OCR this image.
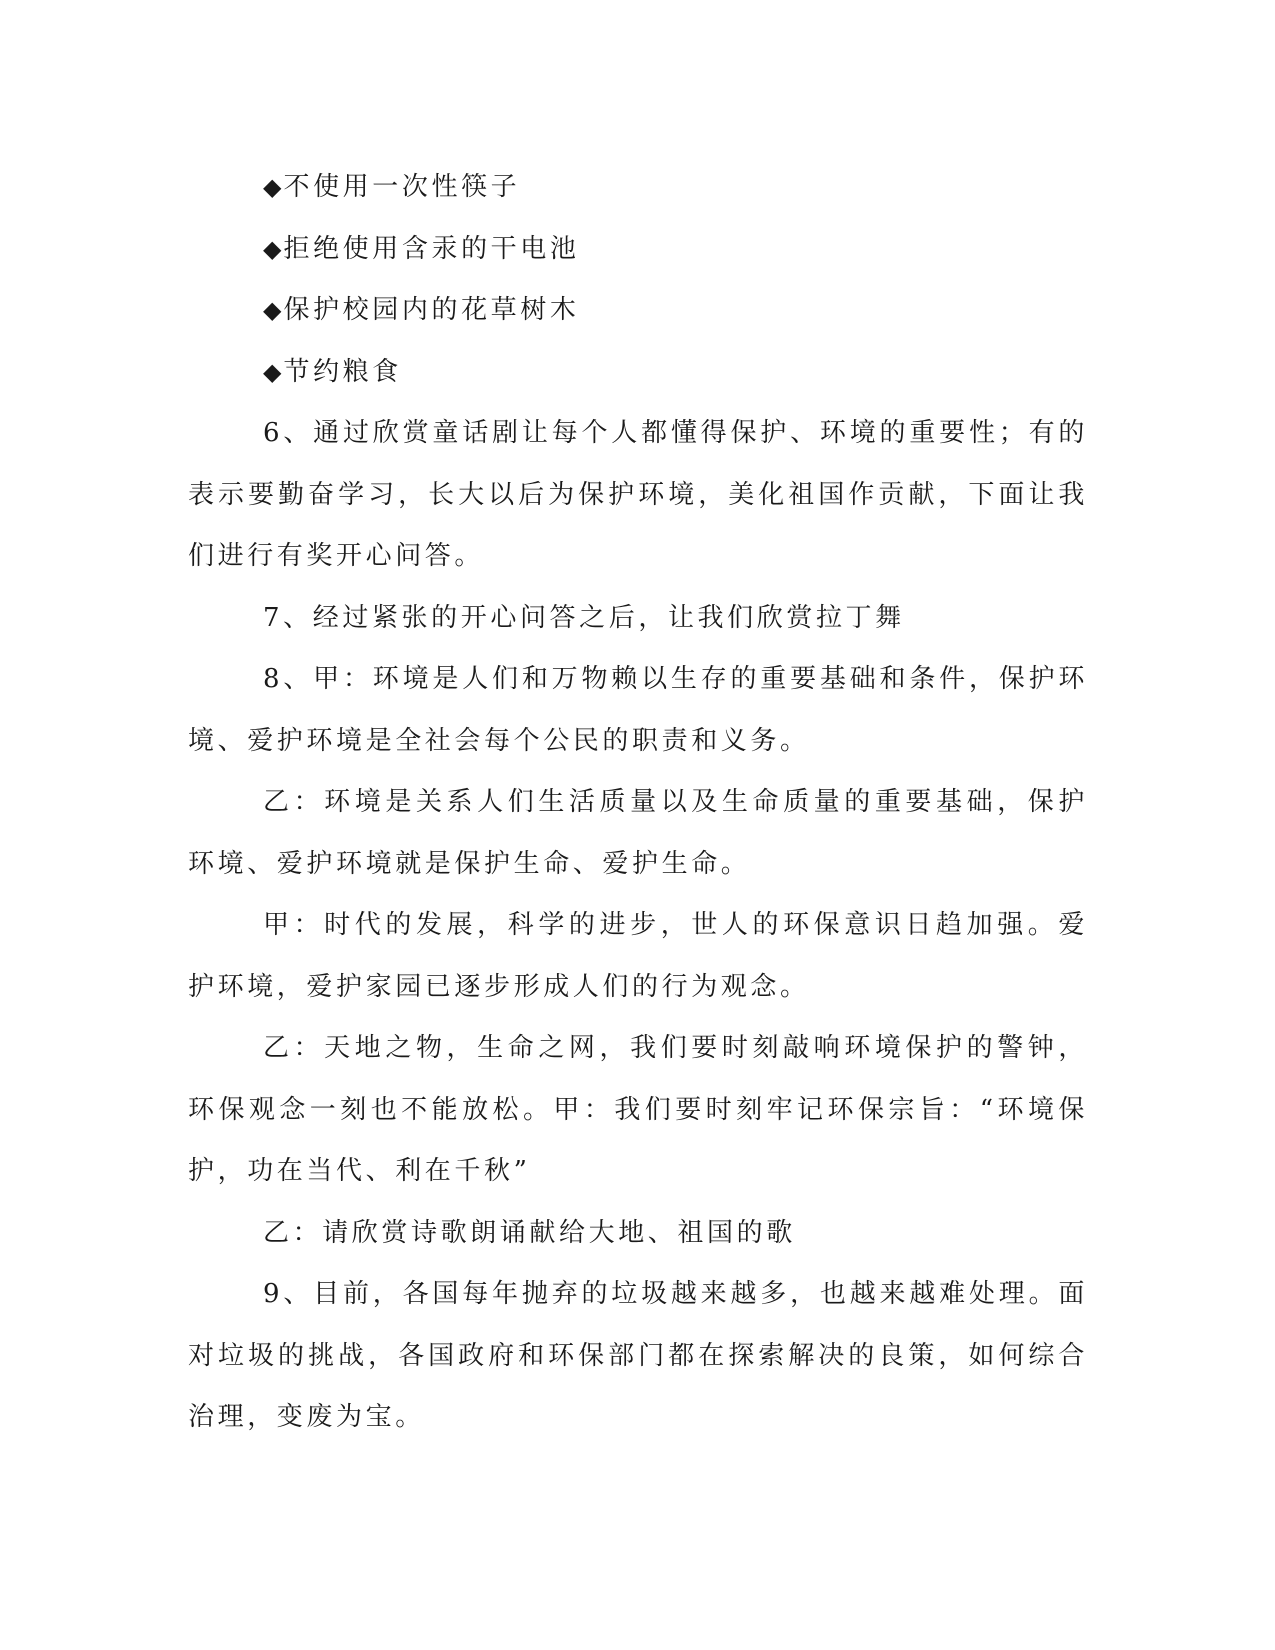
◆不使用一次性筷子

◆拒绝使用含汞的干电池

◆保护校园内的花草树木

◆节约粮食

6、通过欣赏童话剧让每个人都懂得保护、环境的重要性；有的表示要勤奋学习，长大以后为保护环境，美化祖国作贡献，下面让我们进行有奖开心问答。

7、经过紧张的开心问答之后，让我们欣赏拉丁舞

8、甲：环境是人们和万物赖以生存的重要基础和条件，保护环境、爱护环境是全社会每个公民的职责和义务。

乙：环境是关系人们生活质量以及生命质量的重要基础，保护环境、爱护环境就是保护生命、爱护生命。

甲：时代的发展，科学的进步，世人的环保意识日趋加强。爱护环境，爱护家园已逐步形成人们的行为观念。

乙：天地之物，生命之网，我们要时刻敲响环境保护的警钟，环保观念一刻也不能放松。甲：我们要时刻牢记环保宗旨：“环境保护，功在当代、利在千秋”

乙：请欣赏诗歌朗诵献给大地、祖国的歌

9、目前，各国每年抛弃的垃圾越来越多，也越来越难处理。面对垃圾的挑战，各国政府和环保部门都在探索解决的良策，如何综合治理，变废为宝。
